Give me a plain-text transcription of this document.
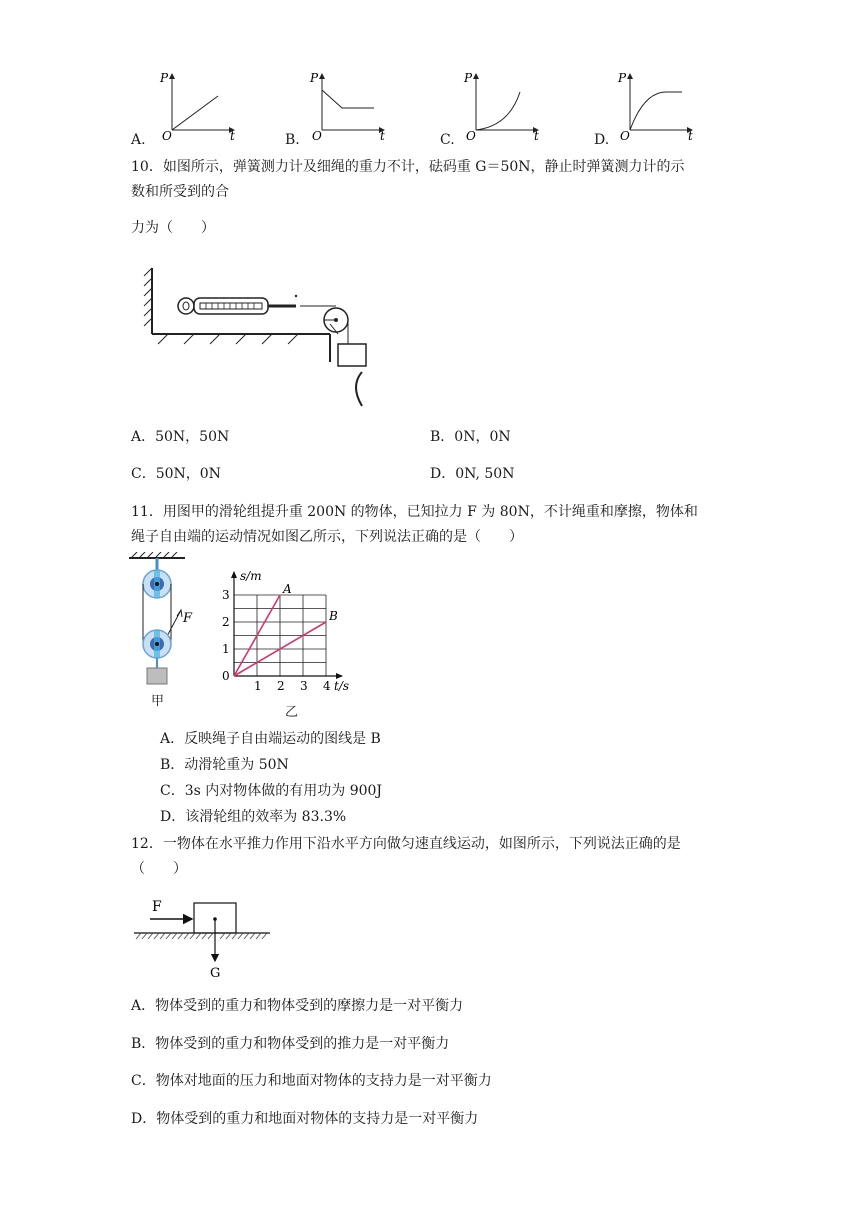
A.
P
t
O	B.
P
t
O	C.
P
t
O	D.
P
t
O
10．如图所示，弹簧测力计及细绳的重力不计，砝码重 G＝50N，静止时弹簧测力计的示
数和所受到的合
力为（　　）
A．50N，50N	B．0N，0N
C．50N，0N	D．0N, 50N
11．用图甲的滑轮组提升重 200N 的物体，已知拉力 F 为 80N，不计绳重和摩擦，物体和
绳子自由端的运动情况如图乙所示，下列说法正确的是（　　）
F
甲
A
B
1 2 3 4
1
2
3
0
s/m
t/s
乙
A．反映绳子自由端运动的图线是 B
B．动滑轮重为 50N
C．3s 内对物体做的有用功为 900J
D．该滑轮组的效率为 83.3%
12．一物体在水平推力作用下沿水平方向做匀速直线运动，如图所示，下列说法正确的是
（　　）
F
G
A．物体受到的重力和物体受到的摩擦力是一对平衡力
B．物体受到的重力和物体受到的推力是一对平衡力
C．物体对地面的压力和地面对物体的支持力是一对平衡力
D．物体受到的重力和地面对物体的支持力是一对平衡力
